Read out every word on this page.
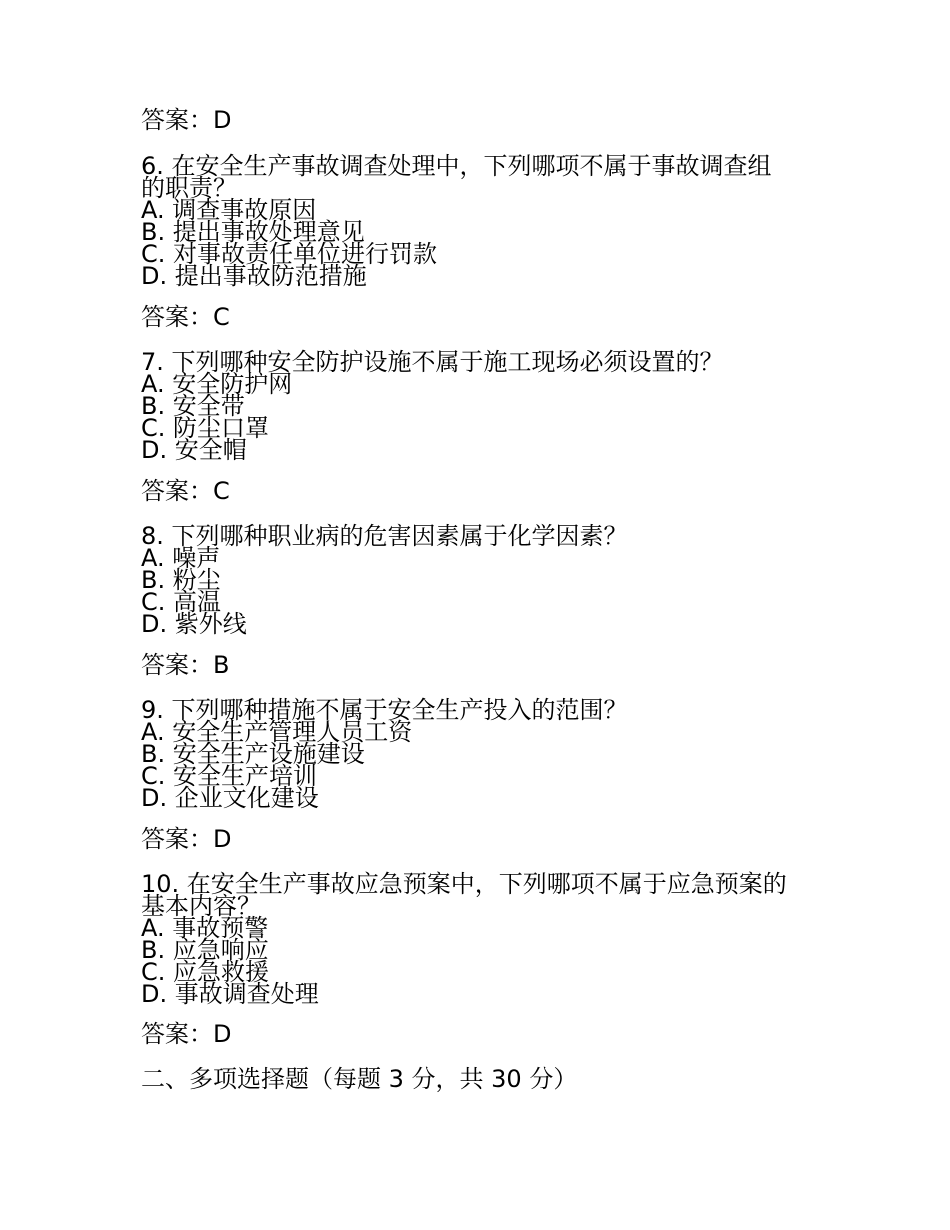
答案：D
6. 在安全生产事故调查处理中，下列哪项不属于事故调查组
的职责？
A. 调查事故原因
B. 提出事故处理意见
C. 对事故责任单位进行罚款
D. 提出事故防范措施
答案：C
7. 下列哪种安全防护设施不属于施工现场必须设置的？
A. 安全防护网
B. 安全带
C. 防尘口罩
D. 安全帽
答案：C
8. 下列哪种职业病的危害因素属于化学因素？
A. 噪声
B. 粉尘
C. 高温
D. 紫外线
答案：B
9. 下列哪种措施不属于安全生产投入的范围？
A. 安全生产管理人员工资
B. 安全生产设施建设
C. 安全生产培训
D. 企业文化建设
答案：D
10. 在安全生产事故应急预案中，下列哪项不属于应急预案的
基本内容？
A. 事故预警
B. 应急响应
C. 应急救援
D. 事故调查处理
答案：D
二、多项选择题（每题 3 分，共 30 分）
